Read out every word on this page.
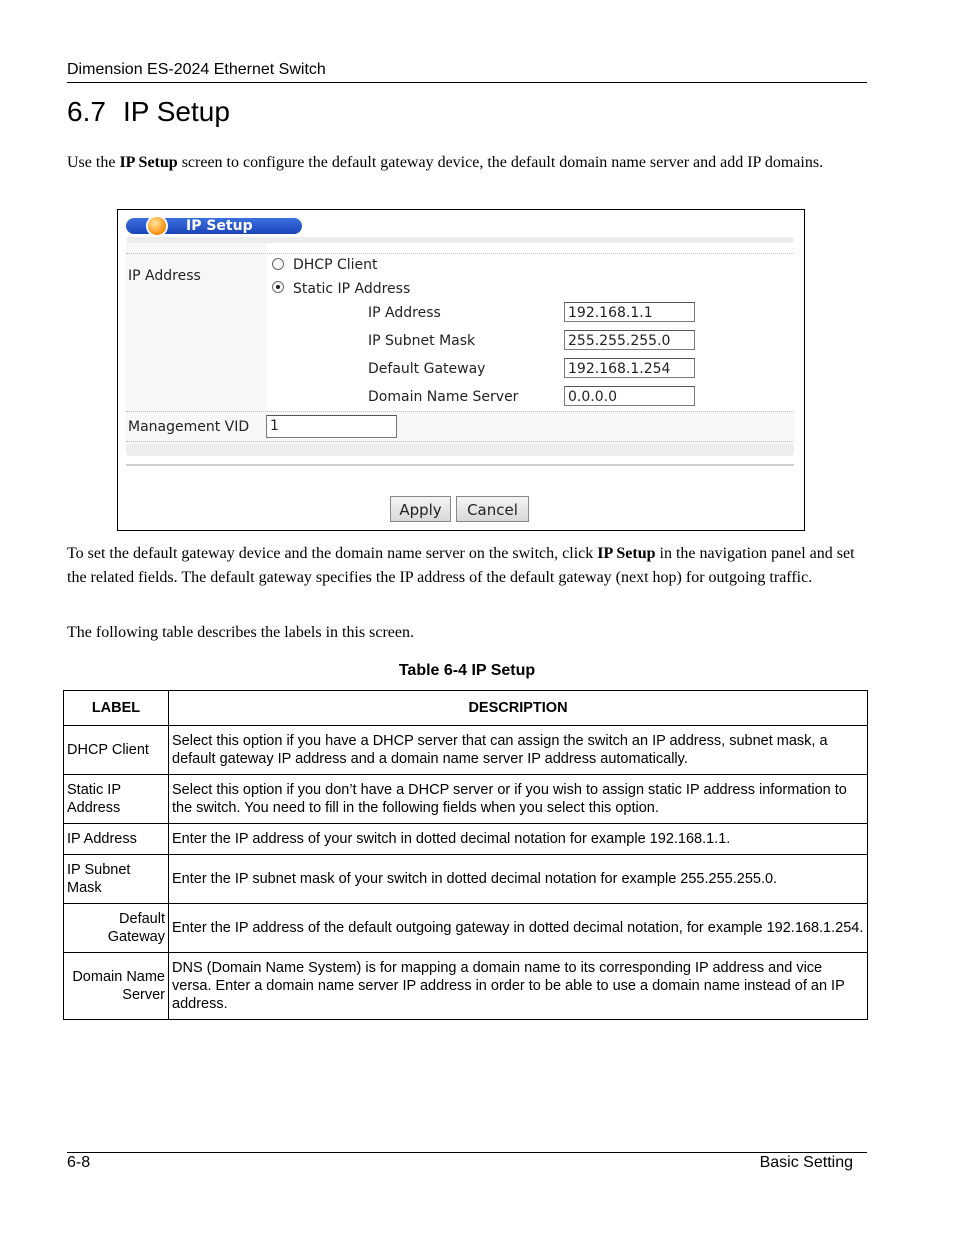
Dimension ES-2024 Ethernet Switch
6.7 IP Setup
Use the IP Setup screen to configure the default gateway device, the default domain name server and add IP domains.
IP Setup
IP Address
DHCP Client
Static IP Address
IP Address	192.168.1.1
IP Subnet Mask	255.255.255.0
Default Gateway	192.168.1.254
Domain Name Server	0.0.0.0
Management VID 1
Apply	Cancel
To set the default gateway device and the domain name server on the switch, click IP Setup in the navigation panel and set the related fields. The default gateway specifies the IP address of the default gateway (next hop) for outgoing traffic.
The following table describes the labels in this screen.
Table 6-4 IP Setup
LABEL	DESCRIPTION
DHCP Client	Select this option if you have a DHCP server that can assign the switch an IP address, subnet mask, a default gateway IP address and a domain name server IP address automatically.
Static IP Address	Select this option if you don’t have a DHCP server or if you wish to assign static IP address information to the switch. You need to fill in the following fields when you select this option.
IP Address	Enter the IP address of your switch in dotted decimal notation for example 192.168.1.1.
IP Subnet Mask	Enter the IP subnet mask of your switch in dotted decimal notation for example 255.255.255.0.
Default Gateway	Enter the IP address of the default outgoing gateway in dotted decimal notation, for example 192.168.1.254.
Domain Name Server	DNS (Domain Name System) is for mapping a domain name to its corresponding IP address and vice versa. Enter a domain name server IP address in order to be able to use a domain name instead of an IP address.
6-8	Basic Setting
